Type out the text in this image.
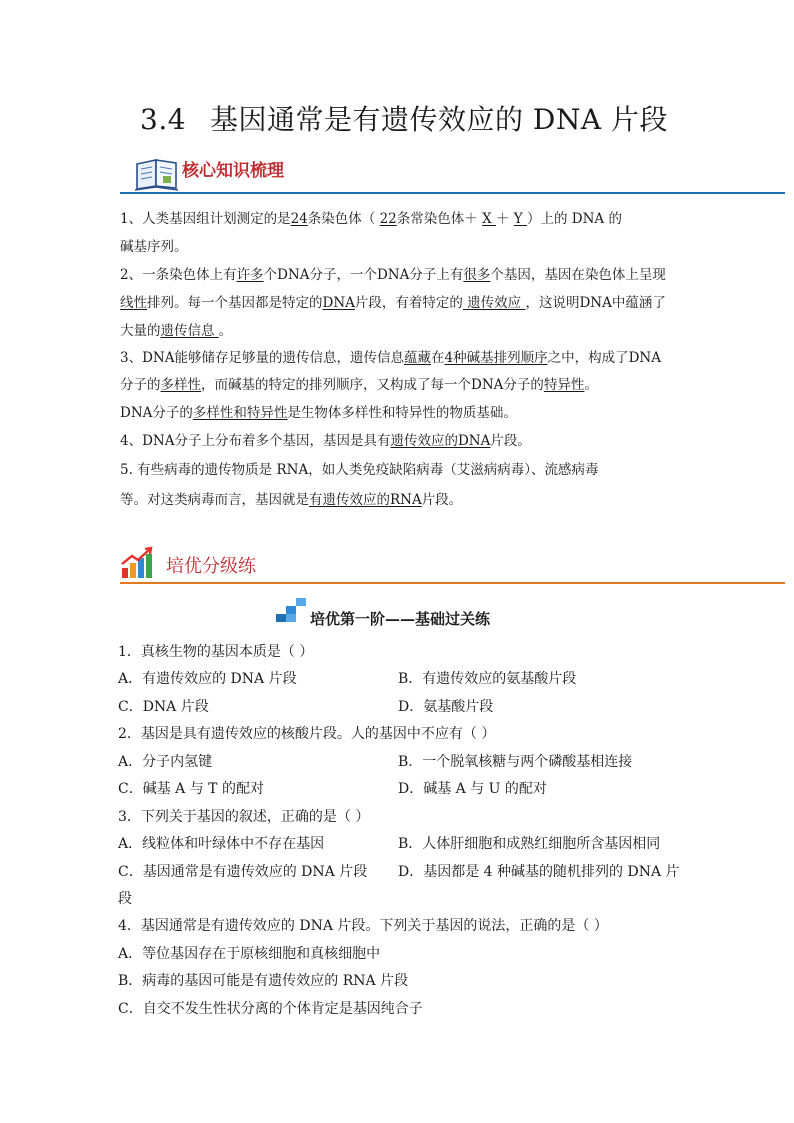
3.4 基因通常是有遗传效应的 DNA 片段
核心知识梳理
1、人类基因组计划测定的是24条染色体（ 22条常染色体＋ X ＋ Y ）上的 DNA 的
碱基序列。
2、一条染色体上有许多个DNA分子，一个DNA分子上有很多个基因，基因在染色体上呈现
线性排列。每一个基因都是特定的DNA片段，有着特定的 遗传效应 ，这说明DNA中蕴涵了
大量的遗传信息 。
3、DNA能够储存足够量的遗传信息，遗传信息蕴藏在4种碱基排列顺序之中，构成了DNA
分子的多样性，而碱基的特定的排列顺序，又构成了每一个DNA分子的特异性。
DNA分子的多样性和特异性是生物体多样性和特异性的物质基础。
4、DNA分子上分布着多个基因，基因是具有遗传效应的DNA片段。
5. 有些病毒的遗传物质是 RNA，如人类免疫缺陷病毒（艾滋病病毒）、流感病毒
等。对这类病毒而言，基因就是有遗传效应的RNA片段。
培优分级练
培优第一阶——基础过关练
1．真核生物的基因本质是（ ）
A．有遗传效应的 DNA 片段	B．有遗传效应的氨基酸片段
C．DNA 片段	D．氨基酸片段
2．基因是具有遗传效应的核酸片段。人的基因中不应有（ ）
A．分子内氢键	B．一个脱氧核糖与两个磷酸基相连接
C．碱基 A 与 T 的配对	D．碱基 A 与 U 的配对
3．下列关于基因的叙述，正确的是（ ）
A．线粒体和叶绿体中不存在基因	B．人体肝细胞和成熟红细胞所含基因相同
C．基因通常是有遗传效应的 DNA 片段 D．基因都是 4 种碱基的随机排列的 DNA 片
段
4．基因通常是有遗传效应的 DNA 片段。下列关于基因的说法，正确的是（ ）
A．等位基因存在于原核细胞和真核细胞中
B．病毒的基因可能是有遗传效应的 RNA 片段
C．自交不发生性状分离的个体肯定是基因纯合子
